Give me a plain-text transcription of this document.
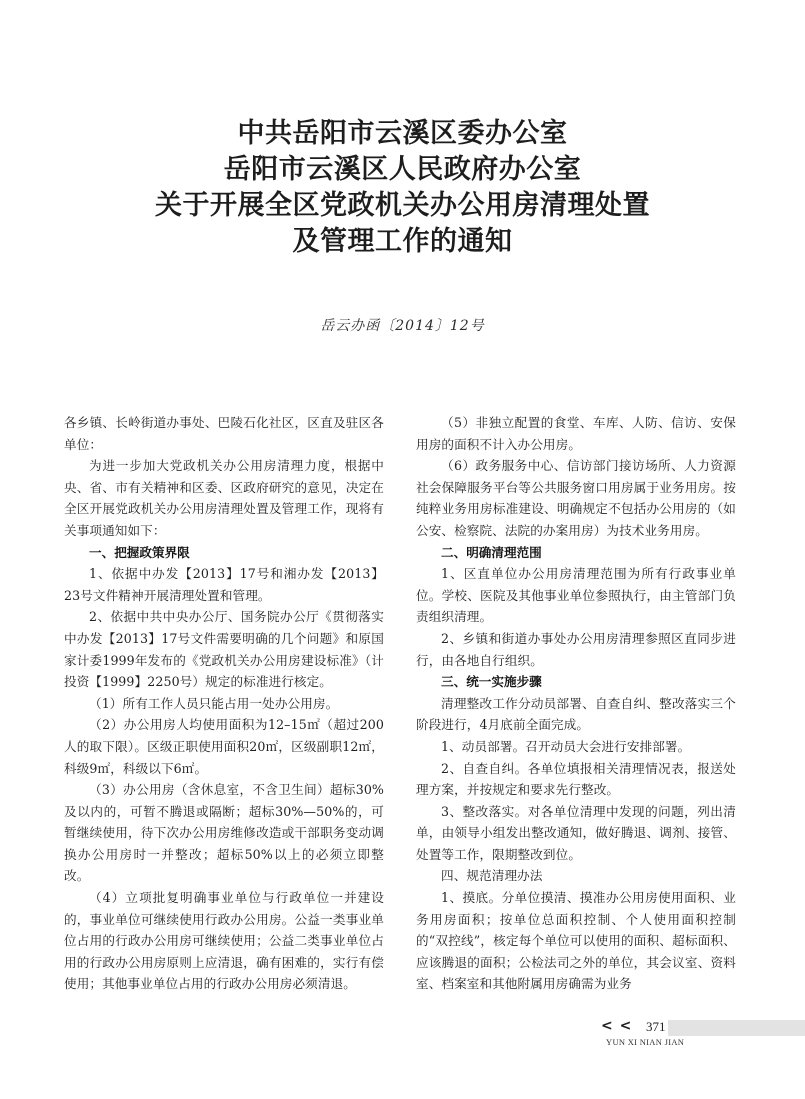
中共岳阳市云溪区委办公室
岳阳市云溪区人民政府办公室
关于开展全区党政机关办公用房清理处置
及管理工作的通知
岳云办函〔2014〕12号

各乡镇、长岭街道办事处、巴陵石化社区，区直及驻区各单位：

为进一步加大党政机关办公用房清理力度，根据中央、省、市有关精神和区委、区政府研究的意见，决定在全区开展党政机关办公用房清理处置及管理工作，现将有关事项通知如下：

一、把握政策界限

1、依据中办发【2013】17号和湘办发【2013】23号文件精神开展清理处置和管理。

2、依据中共中央办公厅、国务院办公厅《贯彻落实中办发【2013】17号文件需要明确的几个问题》和原国家计委1999年发布的《党政机关办公用房建设标准》（计投资【1999】2250号）规定的标准进行核定。

（1）所有工作人员只能占用一处办公用房。

（2）办公用房人均使用面积为12–15㎡（超过200人的取下限）。区级正职使用面积20㎡，区级副职12㎡，科级9㎡，科级以下6㎡。

（3）办公用房（含休息室，不含卫生间）超标30%及以内的，可暂不腾退或隔断；超标30%—50%的，可暂继续使用，待下次办公用房维修改造或干部职务变动调换办公用房时一并整改；超标50%以上的必须立即整改。

（4）立项批复明确事业单位与行政单位一并建设的，事业单位可继续使用行政办公用房。公益一类事业单位占用的行政办公用房可继续使用；公益二类事业单位占用的行政办公用房原则上应清退，确有困难的，实行有偿使用；其他事业单位占用的行政办公用房必须清退。

（5）非独立配置的食堂、车库、人防、信访、安保用房的面积不计入办公用房。

（6）政务服务中心、信访部门接访场所、人力资源社会保障服务平台等公共服务窗口用房属于业务用房。按纯粹业务用房标准建设、明确规定不包括办公用房的（如公安、检察院、法院的办案用房）为技术业务用房。

二、明确清理范围

1、区直单位办公用房清理范围为所有行政事业单位。学校、医院及其他事业单位参照执行，由主管部门负责组织清理。

2、乡镇和街道办事处办公用房清理参照区直同步进行，由各地自行组织。

三、统一实施步骤

清理整改工作分动员部署、自查自纠、整改落实三个阶段进行，4月底前全面完成。

1、动员部署。召开动员大会进行安排部署。

2、自查自纠。各单位填报相关清理情况表，报送处理方案，并按规定和要求先行整改。

3、整改落实。对各单位清理中发现的问题，列出清单，由领导小组发出整改通知，做好腾退、调剂、接管、处置等工作，限期整改到位。

四、规范清理办法

1、摸底。分单位摸清、摸准办公用房使用面积、业务用房面积；按单位总面积控制、个人使用面积控制的“双控线”，核定每个单位可以使用的面积、超标面积、应该腾退的面积；公检法司之外的单位，其会议室、资料室、档案室和其他附属用房确需为业务

< < 371
YUN XI NIAN JIAN
